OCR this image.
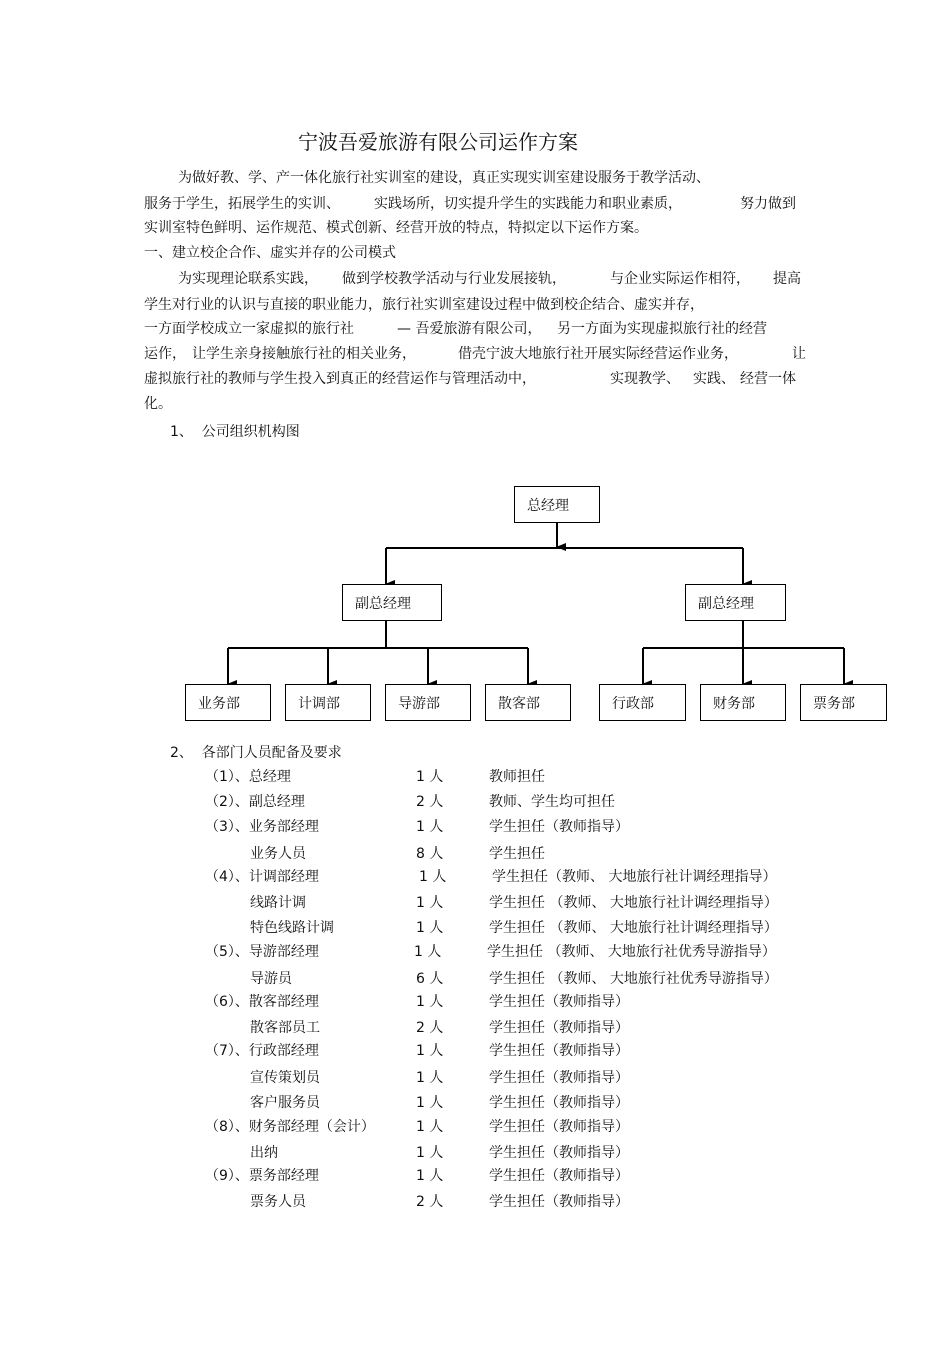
宁波吾爱旅游有限公司运作方案
为做好教、学、产一体化旅行社实训室的建设，真正实现实训室建设服务于教学活动、
服务于学生，拓展学生的实训、 实践场所，切实提升学生的实践能力和职业素质，	努力做到
实训室特色鲜明、运作规范、模式创新、经营开放的特点，特拟定以下运作方案。
一、建立校企合作、虚实并存的公司模式
为实现理论联系实践， 做到学校教学活动与行业发展接轨，	与企业实际运作相符， 提高
学生对行业的认识与直接的职业能力，旅行社实训室建设过程中做到校企结合、虚实并存，
一方面学校成立一家虚拟的旅行社	— 吾爱旅游有限公司， 另一方面为实现虚拟旅行社的经营
运作， 让学生亲身接触旅行社的相关业务，	借壳宁波大地旅行社开展实际经营运作业务，	让
虚拟旅行社的教师与学生投入到真正的经营运作与管理活动中，	实现教学、 实践、 经营一体
化。
1、  公司组织机构图
总经理
副总经理	副总经理
业务部	计调部	导游部	散客部	行政部	财务部	票务部
2、  各部门人员配备及要求
（1）、总经理	1 人	教师担任
（2）、副总经理	2 人	教师、学生均可担任
（3）、业务部经理	1 人	学生担任（教师指导）
业务人员	8 人	学生担任
（4）、计调部经理	1 人	学生担任（教师、 大地旅行社计调经理指导）
线路计调	1 人	学生担任 （教师、 大地旅行社计调经理指导）
特色线路计调	1 人	学生担任 （教师、 大地旅行社计调经理指导）
（5）、导游部经理	1 人	学生担任 （教师、 大地旅行社优秀导游指导）
导游员	6 人	学生担任 （教师、 大地旅行社优秀导游指导）
（6）、散客部经理	1 人	学生担任（教师指导）
散客部员工	2 人	学生担任（教师指导）
（7）、行政部经理	1 人	学生担任（教师指导）
宣传策划员	1 人	学生担任（教师指导）
客户服务员	1 人	学生担任（教师指导）
（8）、财务部经理（会计）	1 人	学生担任（教师指导）
出纳	1 人	学生担任（教师指导）
（9）、票务部经理	1 人	学生担任（教师指导）
票务人员	2 人	学生担任（教师指导）
